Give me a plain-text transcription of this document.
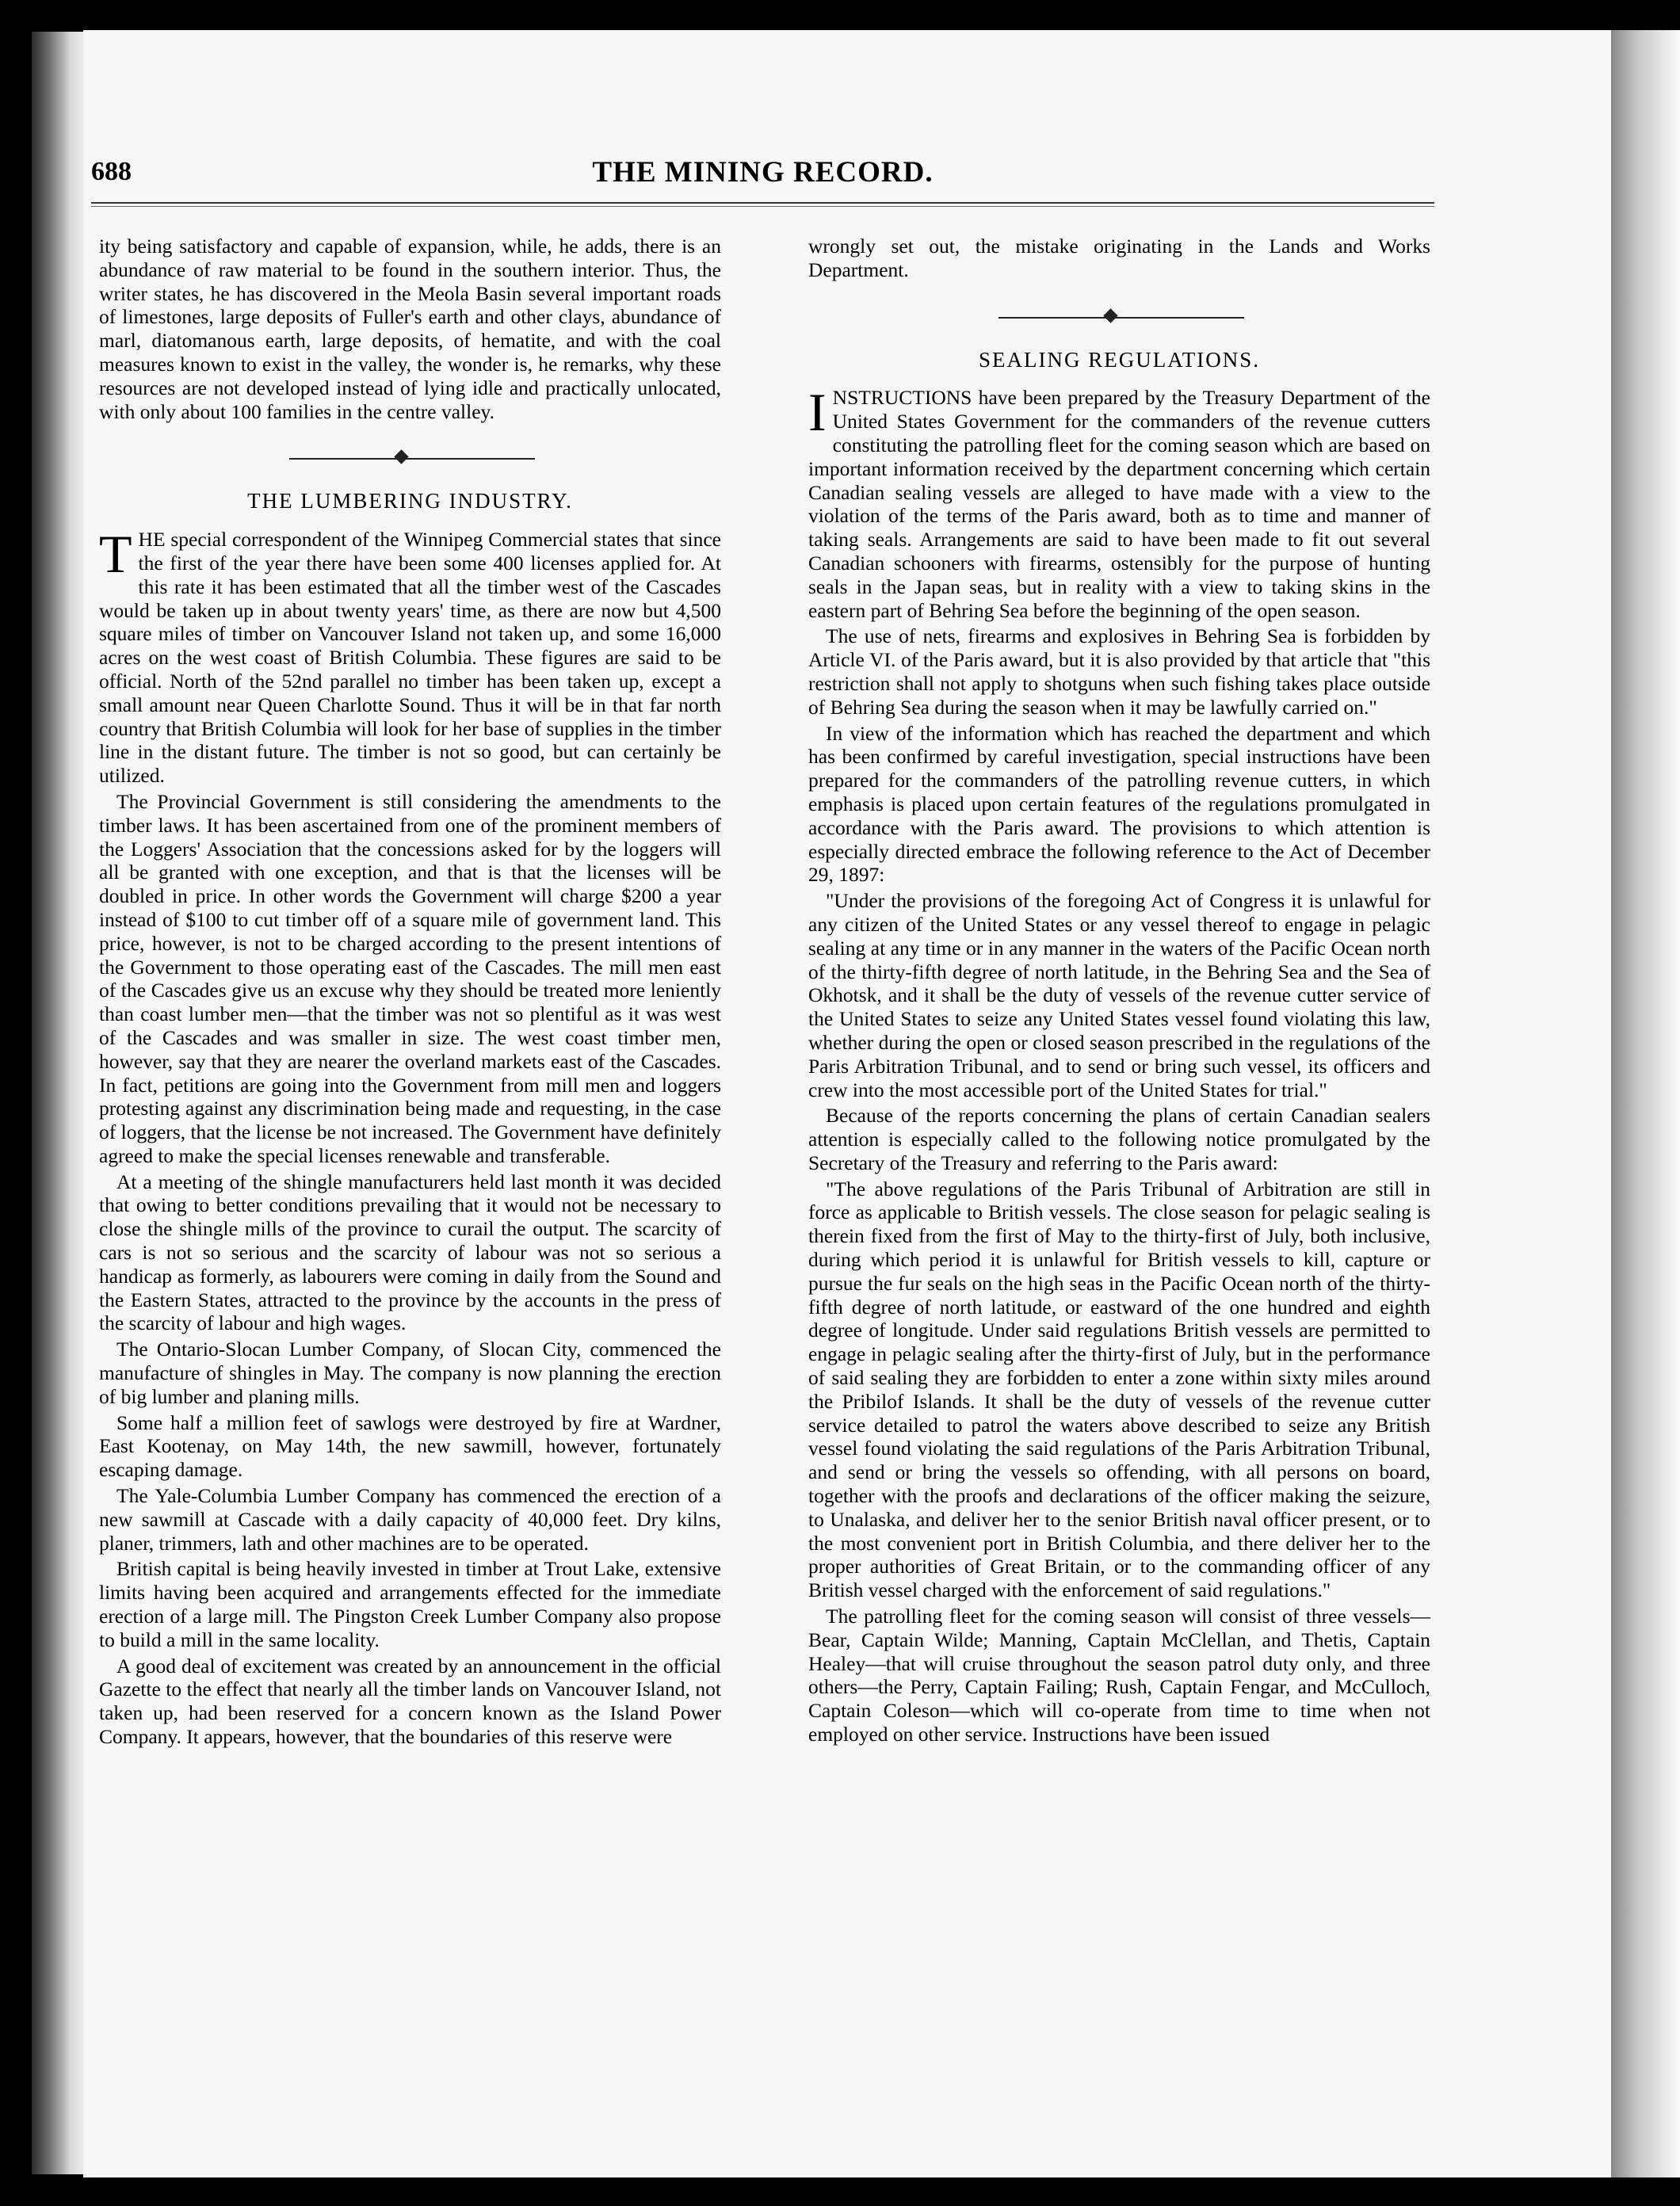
688	THE MINING RECORD.

ity being satisfactory and capable of expansion, while, he adds, there is an abundance of raw material to be found in the southern interior. Thus, the writer states, he has discovered in the Meola Basin several important roads of limestones, large deposits of Fuller's earth and other clays, abundance of marl, diatomanous earth, large deposits, of hematite, and with the coal measures known to exist in the valley, the wonder is, he remarks, why these resources are not developed instead of lying idle and practically unlocated, with only about 100 families in the centre valley.

THE LUMBERING INDUSTRY.

THE special correspondent of the Winnipeg Commercial states that since the first of the year there have been some 400 licenses applied for. At this rate it has been estimated that all the timber west of the Cascades would be taken up in about twenty years' time, as there are now but 4,500 square miles of timber on Vancouver Island not taken up, and some 16,000 acres on the west coast of British Columbia. These figures are said to be official. North of the 52nd parallel no timber has been taken up, except a small amount near Queen Charlotte Sound. Thus it will be in that far north country that British Columbia will look for her base of supplies in the timber line in the distant future. The timber is not so good, but can certainly be utilized.

The Provincial Government is still considering the amendments to the timber laws. It has been ascertained from one of the prominent members of the Loggers' Association that the concessions asked for by the loggers will all be granted with one exception, and that is that the licenses will be doubled in price. In other words the Government will charge $200 a year instead of $100 to cut timber off of a square mile of government land. This price, however, is not to be charged according to the present intentions of the Government to those operating east of the Cascades. The mill men east of the Cascades give us an excuse why they should be treated more leniently than coast lumber men—that the timber was not so plentiful as it was west of the Cascades and was smaller in size. The west coast timber men, however, say that they are nearer the overland markets east of the Cascades. In fact, petitions are going into the Government from mill men and loggers protesting against any discrimination being made and requesting, in the case of loggers, that the license be not increased. The Government have definitely agreed to make the special licenses renewable and transferable.

At a meeting of the shingle manufacturers held last month it was decided that owing to better conditions prevailing that it would not be necessary to close the shingle mills of the province to curail the output. The scarcity of cars is not so serious and the scarcity of labour was not so serious a handicap as formerly, as labourers were coming in daily from the Sound and the Eastern States, attracted to the province by the accounts in the press of the scarcity of labour and high wages.

The Ontario-Slocan Lumber Company, of Slocan City, commenced the manufacture of shingles in May. The company is now planning the erection of big lumber and planing mills.

Some half a million feet of sawlogs were destroyed by fire at Wardner, East Kootenay, on May 14th, the new sawmill, however, fortunately escaping damage.

The Yale-Columbia Lumber Company has commenced the erection of a new sawmill at Cascade with a daily capacity of 40,000 feet. Dry kilns, planer, trimmers, lath and other machines are to be operated.

British capital is being heavily invested in timber at Trout Lake, extensive limits having been acquired and arrangements effected for the immediate erection of a large mill. The Pingston Creek Lumber Company also propose to build a mill in the same locality.

A good deal of excitement was created by an announcement in the official Gazette to the effect that nearly all the timber lands on Vancouver Island, not taken up, had been reserved for a concern known as the Island Power Company. It appears, however, that the boundaries of this reserve were

wrongly set out, the mistake originating in the Lands and Works Department.

SEALING REGULATIONS.

INSTRUCTIONS have been prepared by the Treasury Department of the United States Government for the commanders of the revenue cutters constituting the patrolling fleet for the coming season which are based on important information received by the department concerning which certain Canadian sealing vessels are alleged to have made with a view to the violation of the terms of the Paris award, both as to time and manner of taking seals. Arrangements are said to have been made to fit out several Canadian schooners with firearms, ostensibly for the purpose of hunting seals in the Japan seas, but in reality with a view to taking skins in the eastern part of Behring Sea before the beginning of the open season.

The use of nets, firearms and explosives in Behring Sea is forbidden by Article VI. of the Paris award, but it is also provided by that article that "this restriction shall not apply to shotguns when such fishing takes place outside of Behring Sea during the season when it may be lawfully carried on."

In view of the information which has reached the department and which has been confirmed by careful investigation, special instructions have been prepared for the commanders of the patrolling revenue cutters, in which emphasis is placed upon certain features of the regulations promulgated in accordance with the Paris award. The provisions to which attention is especially directed embrace the following reference to the Act of December 29, 1897:

"Under the provisions of the foregoing Act of Congress it is unlawful for any citizen of the United States or any vessel thereof to engage in pelagic sealing at any time or in any manner in the waters of the Pacific Ocean north of the thirty-fifth degree of north latitude, in the Behring Sea and the Sea of Okhotsk, and it shall be the duty of vessels of the revenue cutter service of the United States to seize any United States vessel found violating this law, whether during the open or closed season prescribed in the regulations of the Paris Arbitration Tribunal, and to send or bring such vessel, its officers and crew into the most accessible port of the United States for trial."

Because of the reports concerning the plans of certain Canadian sealers attention is especially called to the following notice promulgated by the Secretary of the Treasury and referring to the Paris award:

"The above regulations of the Paris Tribunal of Arbitration are still in force as applicable to British vessels. The close season for pelagic sealing is therein fixed from the first of May to the thirty-first of July, both inclusive, during which period it is unlawful for British vessels to kill, capture or pursue the fur seals on the high seas in the Pacific Ocean north of the thirty-fifth degree of north latitude, or eastward of the one hundred and eighth degree of longitude. Under said regulations British vessels are permitted to engage in pelagic sealing after the thirty-first of July, but in the performance of said sealing they are forbidden to enter a zone within sixty miles around the Pribilof Islands. It shall be the duty of vessels of the revenue cutter service detailed to patrol the waters above described to seize any British vessel found violating the said regulations of the Paris Arbitration Tribunal, and send or bring the vessels so offending, with all persons on board, together with the proofs and declarations of the officer making the seizure, to Unalaska, and deliver her to the senior British naval officer present, or to the most convenient port in British Columbia, and there deliver her to the proper authorities of Great Britain, or to the commanding officer of any British vessel charged with the enforcement of said regulations."

The patrolling fleet for the coming season will consist of three vessels—Bear, Captain Wilde; Manning, Captain McClellan, and Thetis, Captain Healey—that will cruise throughout the season patrol duty only, and three others—the Perry, Captain Failing; Rush, Captain Fengar, and McCulloch, Captain Coleson—which will co-operate from time to time when not employed on other service. Instructions have been issued
